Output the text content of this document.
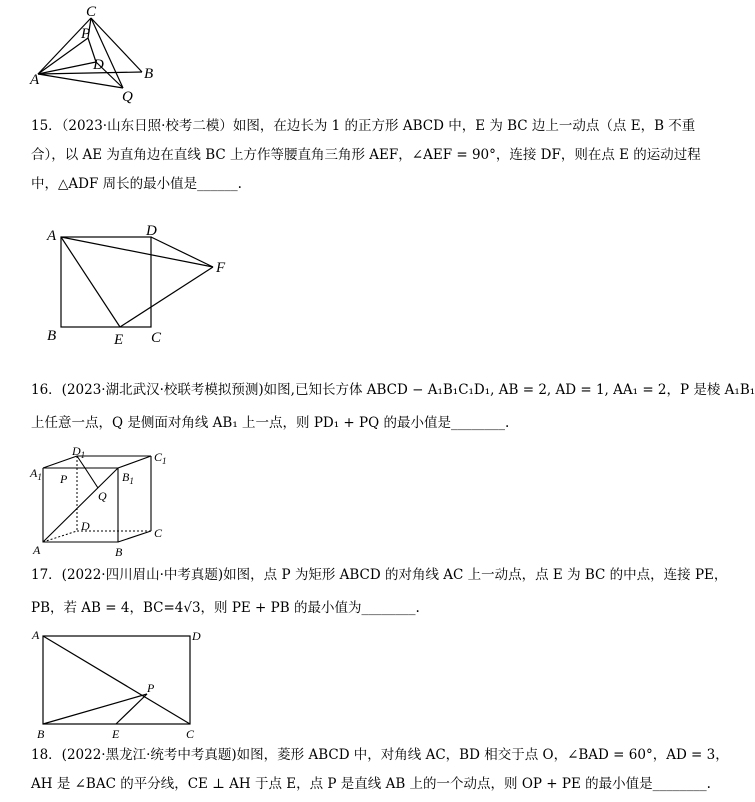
C
P
D
A	B
Q
15．（2023·山东日照·校考二模）如图，在边长为 1 的正方形 ABCD 中，E 为 BC 边上一动点（点 E，B 不重
合），以 AE 为直角边在直线 BC 上方作等腰直角三角形 AEF，∠AEF = 90°，连接 DF，则在点 E 的运动过程
中，△ADF 周长的最小值是______.
A	D
F
B	E C
16．(2023·湖北武汉·校联考模拟预测)如图,已知长方体 ABCD − A₁B₁C₁D₁, AB = 2, AD = 1, AA₁ = 2，P 是棱 A₁B₁
上任意一点，Q 是侧面对角线 AB₁ 上一点，则 PD₁ + PQ 的最小值是________.
$A_1$
$D_1$	$C_1$
$B_1$
P
Q
D	C
A	B
17．(2022·四川眉山·中考真题)如图，点 P 为矩形 ABCD 的对角线 AC 上一动点，点 E 为 BC 的中点，连接 PE，
PB，若 AB = 4，BC=4√3，则 PE + PB 的最小值为________.
A	D
P
B	E	C
18．(2022·黑龙江·统考中考真题)如图，菱形 ABCD 中，对角线 AC，BD 相交于点 O，∠BAD = 60°，AD = 3，
AH 是 ∠BAC 的平分线，CE ⊥ AH 于点 E，点 P 是直线 AB 上的一个动点，则 OP + PE 的最小值是________.
